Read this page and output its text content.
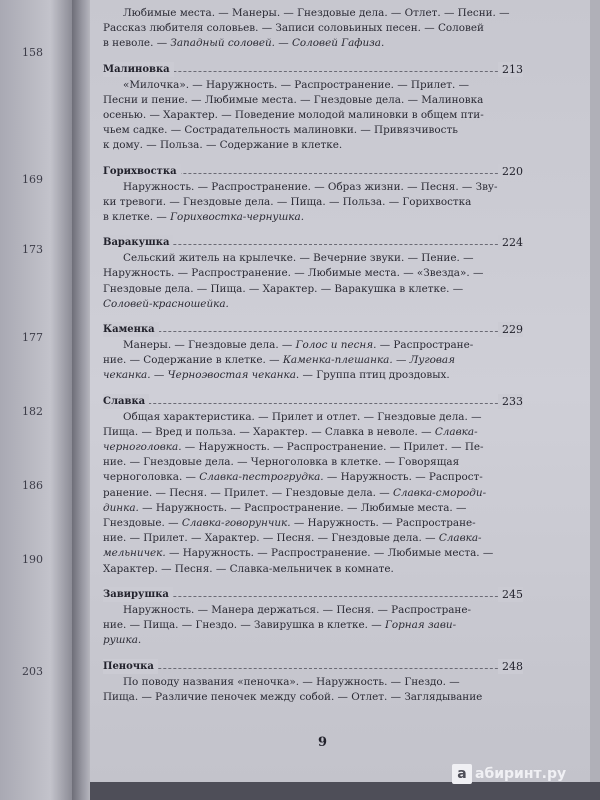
158
169
173
177
182
186
190
203
Любимые места. — Манеры. — Гнездовые дела. — Отлет. — Песни. —
Рассказ любителя соловьев. — Записи соловьиных песен. — Соловей
в неволе. — Западный соловей. — Соловей Гафиза.
Малиновка	213
«Милочка». — Наружность. — Распространение. — Прилет. —
Песни и пение. — Любимые места. — Гнездовые дела. — Малиновка
осенью. — Характер. — Поведение молодой малиновки в общем пти-
чьем садке. — Сострадательность малиновки. — Привязчивость
к дому. — Польза. — Содержание в клетке.
Горихвостка	220
Наружность. — Распространение. — Образ жизни. — Песня. — Зву-
ки тревоги. — Гнездовые дела. — Пища. — Польза. — Горихвостка
в клетке. — Горихвостка-чернушка.
Варакушка	224
Сельский житель на крылечке. — Вечерние звуки. — Пение. —
Наружность. — Распространение. — Любимые места. — «Звезда». —
Гнездовые дела. — Пища. — Характер. — Варакушка в клетке. —
Соловей-красношейка.
Каменка	229
Манеры. — Гнездовые дела. — Голос и песня. — Распростране-
ние. — Содержание в клетке. — Каменка-плешанка. — Луговая
чеканка. — Черноэвостая чеканка. — Группа птиц дроздовых.
Славка	233
Общая характеристика. — Прилет и отлет. — Гнездовые дела. —
Пища. — Вред и польза. — Характер. — Славка в неволе. — Славка-
черноголовка. — Наружность. — Распространение. — Прилет. — Пе-
ние. — Гнездовые дела. — Черноголовка в клетке. — Говорящая
черноголовка. — Славка-пестрогрудка. — Наружность. — Распрост-
ранение. — Песня. — Прилет. — Гнездовые дела. — Славка-смороди-
динка. — Наружность. — Распространение. — Любимые места. —
Гнездовые. — Славка-говорунчик. — Наружность. — Распростране-
ние. — Прилет. — Характер. — Песня. — Гнездовые дела. — Славка-
мельничек. — Наружность. — Распространение. — Любимые места. —
Характер. — Песня. — Славка-мельничек в комнате.
Завирушка	245
Наружность. — Манера держаться. — Песня. — Распростране-
ние. — Пища. — Гнездо. — Завирушка в клетке. — Горная зави-
рушка.
Пеночка	248
По поводу названия «пеночка». — Наружность. — Гнездо. —
Пища. — Различие пеночек между собой. — Отлет. — Заглядывание
9
a абиринт.ру
